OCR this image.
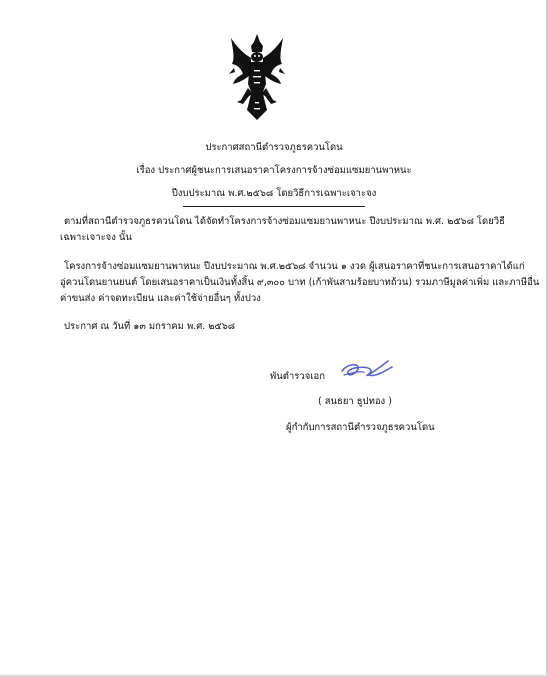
ประกาศสถานีตำรวจภูธรควนโดน
เรื่อง ประกาศผู้ชนะการเสนอราคาโครงการจ้างซ่อมแซมยานพาหนะ
ปีงบประมาณ พ.ศ.๒๕๖๘ โดยวิธีการเฉพาะเจาะจง
ตามที่สถานีตำรวจภูธรควนโดน ได้จัดทำโครงการจ้างซ่อมแซมยานพาหนะ ปีงบประมาณ พ.ศ. ๒๕๖๘ โดยวิธี
เฉพาะเจาะจง นั้น
โครงการจ้างซ่อมแซมยานพาหนะ ปีงบประมาณ พ.ศ.๒๕๖๘ จำนวน ๑ งวด ผู้เสนอราคาที่ชนะการเสนอราคาได้แก่
อู่ควนโดนยานยนต์ โดยเสนอราคาเป็นเงินทั้งสิ้น ๙,๓๐๐ บาท (เก้าพันสามร้อยบาทถ้วน) รวมภาษีมูลค่าเพิ่ม และภาษีอื่น
ค่าขนส่ง ค่าจดทะเบียน และค่าใช้จ่ายอื่นๆ ทั้งปวง
ประกาศ ณ วันที่ ๑๓ มกราคม พ.ศ. ๒๕๖๘
พันตำรวจเอก
( สนธยา ธูปทอง )
ผู้กำกับการสถานีตำรวจภูธรควนโดน
